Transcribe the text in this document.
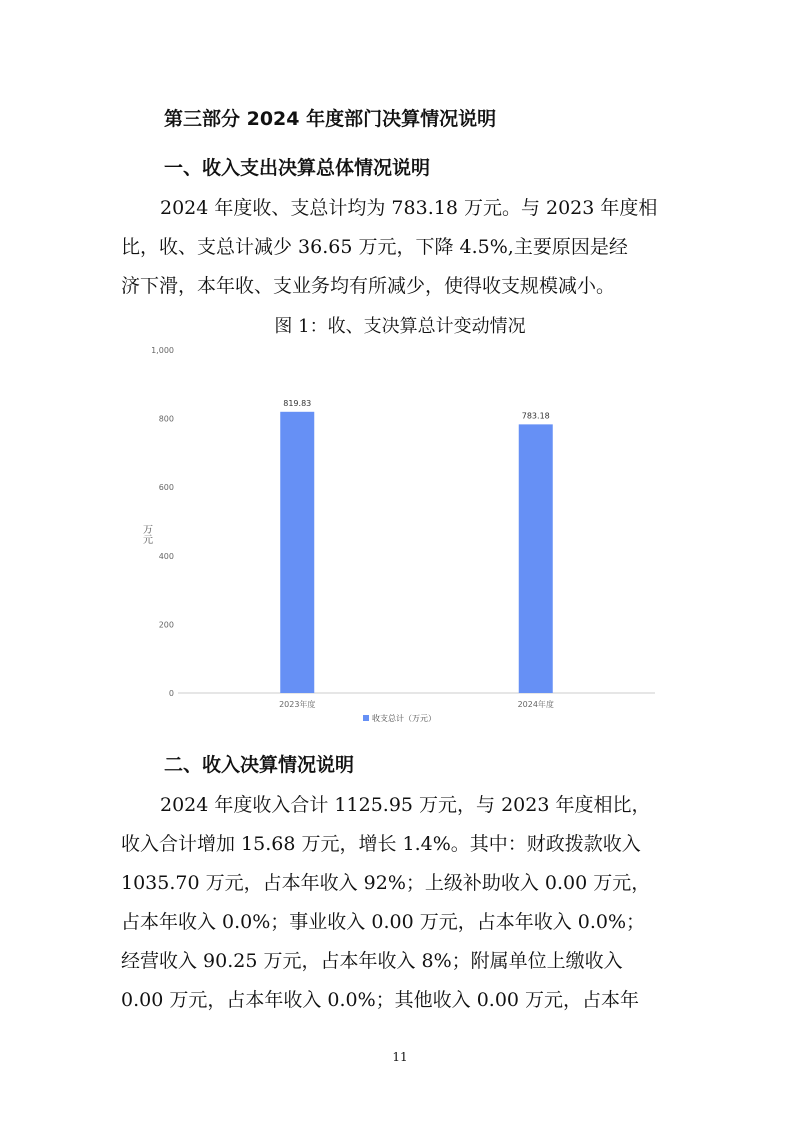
第三部分 2024 年度部门决算情况说明
一、收入支出决算总体情况说明
2024 年度收、支总计均为 783.18 万元。与 2023 年度相
比，收、支总计减少 36.65 万元，下降 4.5%,主要原因是经
济下滑，本年收、支业务均有所减少，使得收支规模减小。
图 1：收、支决算总计变动情况
0
200
400
600
800
1,000
万元
819.83
2023年度
783.18
2024年度
收支总计（万元）
二、收入决算情况说明
2024 年度收入合计 1125.95 万元，与 2023 年度相比，
收入合计增加 15.68 万元，增长 1.4%。其中：财政拨款收入
1035.70 万元，占本年收入 92%；上级补助收入 0.00 万元，
占本年收入 0.0%；事业收入 0.00 万元，占本年收入 0.0%；
经营收入 90.25 万元，占本年收入 8%；附属单位上缴收入
0.00 万元，占本年收入 0.0%；其他收入 0.00 万元，占本年
11
